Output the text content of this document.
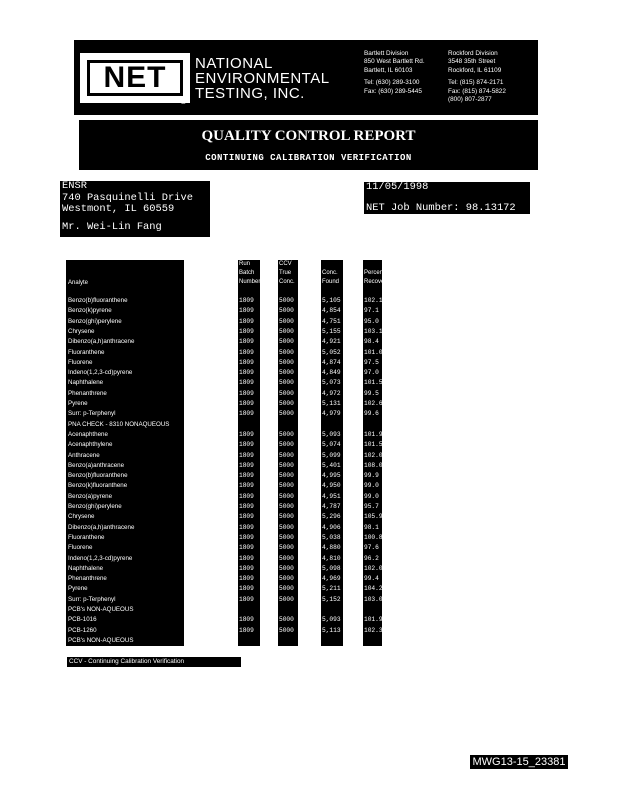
NET
®
NATIONAL
ENVIRONMENTAL
TESTING, INC.
Bartlett Division
850 West Bartlett Rd.
Bartlett, IL 60103
Tel: (630) 289-3100
Fax: (630) 289-5445
Rockford Division
3548 35th Street
Rockford, IL 61109
Tel: (815) 874-2171
Fax: (815) 874-5822
(800) 807-2877
QUALITY CONTROL REPORT
CONTINUING CALIBRATION VERIFICATION
ENSR
740 Pasquinelli Drive
Westmont, IL 60559
Mr. Wei-Lin Fang
11/05/1998
NET Job Number: 98.13172
Analyte
Benzo(b)fluoranthene
Benzo(k)pyrene
Benzo(ghi)perylene
Chrysene
Dibenzo(a,h)anthracene
Fluoranthene
Fluorene
Indeno(1,2,3-cd)pyrene
Naphthalene
Phenanthrene
Pyrene
Surr: p-Terphenyl
PNA CHECK - 8310 NONAQUEOUS
Acenaphthene
Acenaphthylene
Anthracene
Benzo(a)anthracene
Benzo(b)fluoranthene
Benzo(k)fluoranthene
Benzo(a)pyrene
Benzo(ghi)perylene
Chrysene
Dibenzo(a,h)anthracene
Fluoranthene
Fluorene
Indeno(1,2,3-cd)pyrene
Naphthalene
Phenanthrene
Pyrene
Surr: p-Terphenyl
PCB's NON-AQUEOUS
PCB-1016
PCB-1260
PCB's NON-AQUEOUS
Run
Batch
Number
1809
1809
1809
1809
1809
1809
1809
1809
1809
1809
1809
1809
1809
1809
1809
1809
1809
1809
1809
1809
1809
1809
1809
1809
1809
1809
1809
1809
1809
1809
1809
CCV
True
Conc.
5000
5000
5000
5000
5000
5000
5000
5000
5000
5000
5000
5000
5000
5000
5000
5000
5000
5000
5000
5000
5000
5000
5000
5000
5000
5000
5000
5000
5000
5000
5000
Conc.
Found
5,105
4,854
4,751
5,155
4,921
5,052
4,874
4,849
5,073
4,972
5,131
4,979
5,093
5,074
5,099
5,401
4,995
4,950
4,951
4,787
5,296
4,906
5,038
4,880
4,810
5,098
4,969
5,211
5,152
5,093
5,113
Percent
Recovery
102.1
97.1
95.0
103.1
98.4
101.0
97.5
97.0
101.5
99.5
102.6
99.6
101.9
101.5
102.0
108.0
99.9
99.0
99.0
95.7
105.9
98.1
100.8
97.6
96.2
102.0
99.4
104.2
103.0
101.9
102.3
CCV - Continuing Calibration Verification
MWG13-15_23381
